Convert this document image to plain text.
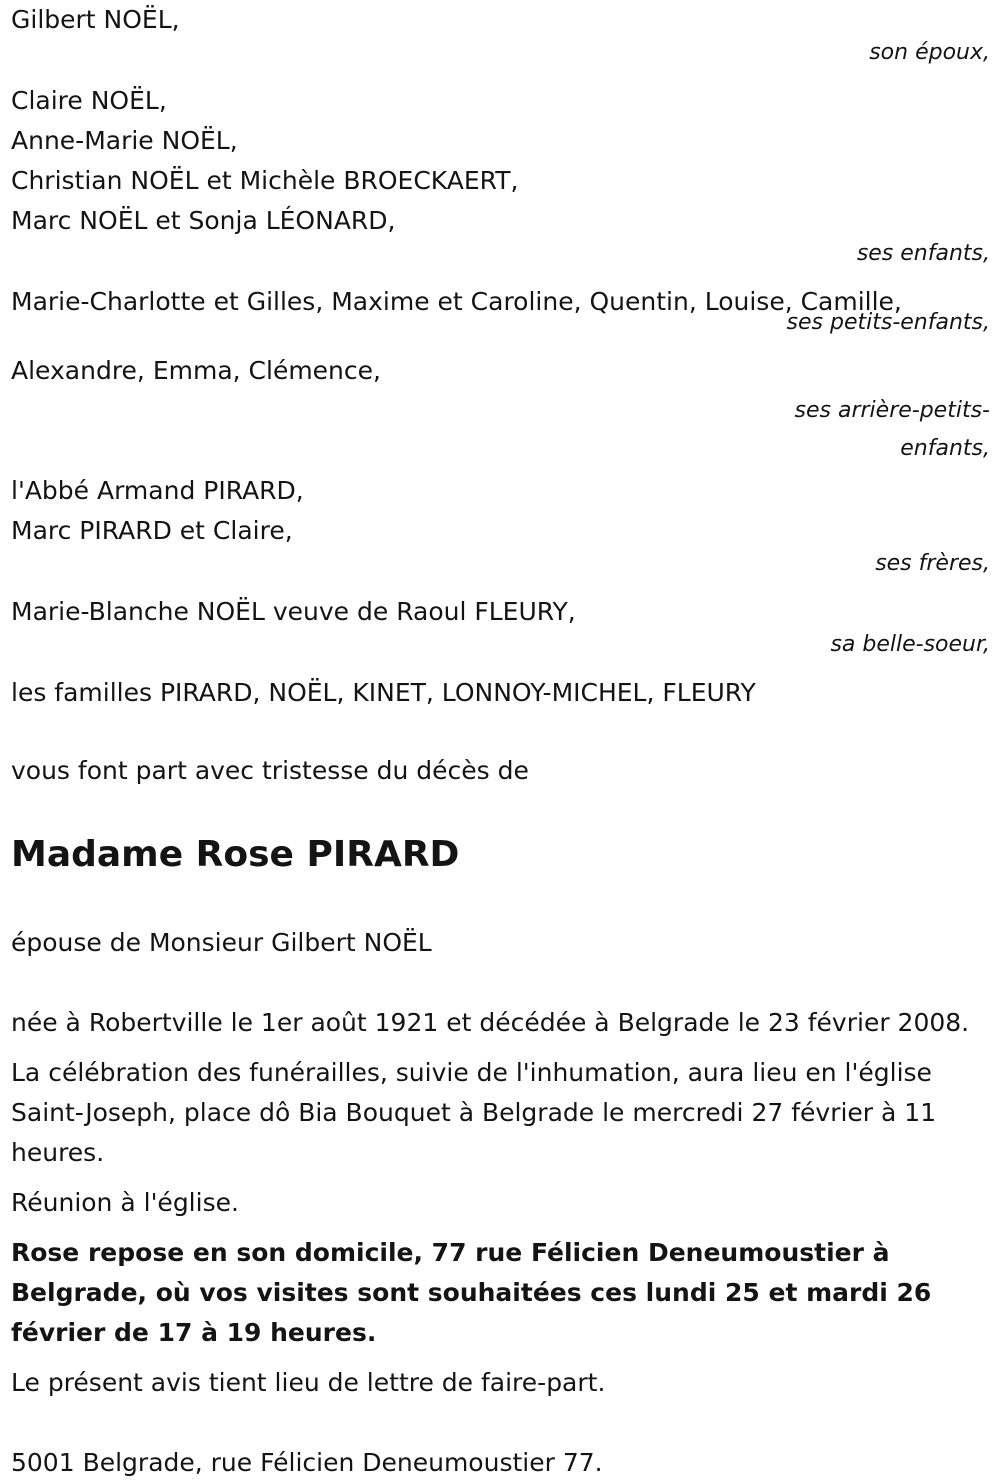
Gilbert NOËL,
son époux,
Claire NOËL,
Anne-Marie NOËL,
Christian NOËL et Michèle BROECKAERT,
Marc NOËL et Sonja LÉONARD,
ses enfants,
Marie-Charlotte et Gilles, Maxime et Caroline, Quentin, Louise, Camille,
ses petits-enfants,
Alexandre, Emma, Clémence,
ses arrière-petits-
enfants,
l'Abbé Armand PIRARD,
Marc PIRARD et Claire,
ses frères,
Marie-Blanche NOËL veuve de Raoul FLEURY,
sa belle-soeur,
les familles PIRARD, NOËL, KINET, LONNOY-MICHEL, FLEURY
vous font part avec tristesse du décès de
Madame Rose PIRARD
épouse de Monsieur Gilbert NOËL
née à Robertville le 1er août 1921 et décédée à Belgrade le 23 février 2008.
La célébration des funérailles, suivie de l'inhumation, aura lieu en l'église Saint-Joseph, place dô Bia Bouquet à Belgrade le mercredi 27 février à 11 heures.
Réunion à l'église.
Rose repose en son domicile, 77 rue Félicien Deneumoustier à Belgrade, où vos visites sont souhaitées ces lundi 25 et mardi 26 février de 17 à 19 heures.
Le présent avis tient lieu de lettre de faire-part.
5001 Belgrade, rue Félicien Deneumoustier 77.
